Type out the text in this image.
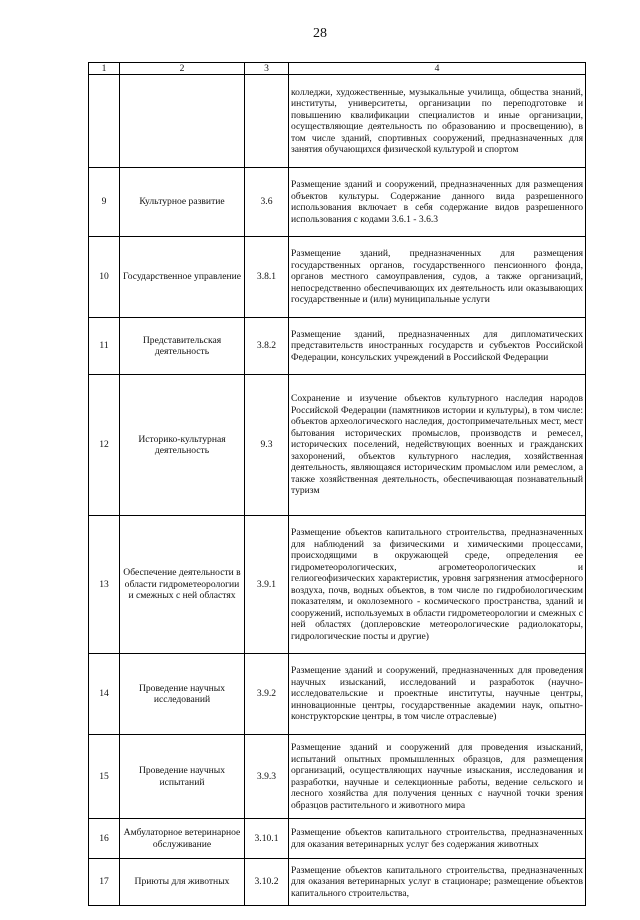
28
1	2	3	4
			колледжи, художественные, музыкальные училища, общества знаний, институты, университеты, организации по переподготовке и повышению квалификации специалистов и иные организации, осуществляющие деятельность по образованию и просвещению), в том числе зданий, спортивных сооружений, предназначенных для занятия обучающихся физической культурой и спортом
9	Культурное развитие	3.6	Размещение зданий и сооружений, предназначенных для размещения объектов культуры. Содержание данного вида разрешенного использования включает в себя содержание видов разрешенного использования с кодами 3.6.1 - 3.6.3
10	Государственное управление	3.8.1	Размещение зданий, предназначенных для размещения государственных органов, государственного пенсионного фонда, органов местного самоуправления, судов, а также организаций, непосредственно обеспечивающих их деятельность или оказывающих государственные и (или) муниципальные услуги
11	Представительская деятельность	3.8.2	Размещение зданий, предназначенных для дипломатических представительств иностранных государств и субъектов Российской Федерации, консульских учреждений в Российской Федерации
12	Историко-культурная деятельность	9.3	Сохранение и изучение объектов культурного наследия народов Российской Федерации (памятников истории и культуры), в том числе: объектов археологического наследия, достопримечательных мест, мест бытования исторических промыслов, производств и ремесел, исторических поселений, недействующих военных и гражданских захоронений, объектов культурного наследия, хозяйственная деятельность, являющаяся историческим промыслом или ремеслом, а также хозяйственная деятельность, обеспечивающая познавательный туризм
13	Обеспечение деятельности в области гидрометеорологии и смежных с ней областях	3.9.1	Размещение объектов капитального строительства, предназначенных для наблюдений за физическими и химическими процессами, происходящими в окружающей среде, определения ее гидрометеорологических, агрометеорологических и гелиогеофизических характеристик, уровня загрязнения атмосферного воздуха, почв, водных объектов, в том числе по гидробиологическим показателям, и околоземного - космического пространства, зданий и сооружений, используемых в области гидрометеорологии и смежных с ней областях (доплеровские метеорологические радиолокаторы, гидрологические посты и другие)
14	Проведение научных исследований	3.9.2	Размещение зданий и сооружений, предназначенных для проведения научных изысканий, исследований и разработок (научно-исследовательские и проектные институты, научные центры, инновационные центры, государственные академии наук, опытно-конструкторские центры, в том числе отраслевые)
15	Проведение научных испытаний	3.9.3	Размещение зданий и сооружений для проведения изысканий, испытаний опытных промышленных образцов, для размещения организаций, осуществляющих научные изыскания, исследования и разработки, научные и селекционные работы, ведение сельского и лесного хозяйства для получения ценных с научной точки зрения образцов растительного и животного мира
16	Амбулаторное ветеринарное обслуживание	3.10.1	Размещение объектов капитального строительства, предназначенных для оказания ветеринарных услуг без содержания животных
17	Приюты для животных	3.10.2	Размещение объектов капитального строительства, предназначенных для оказания ветеринарных услуг в стационаре; размещение объектов капитального строительства,
